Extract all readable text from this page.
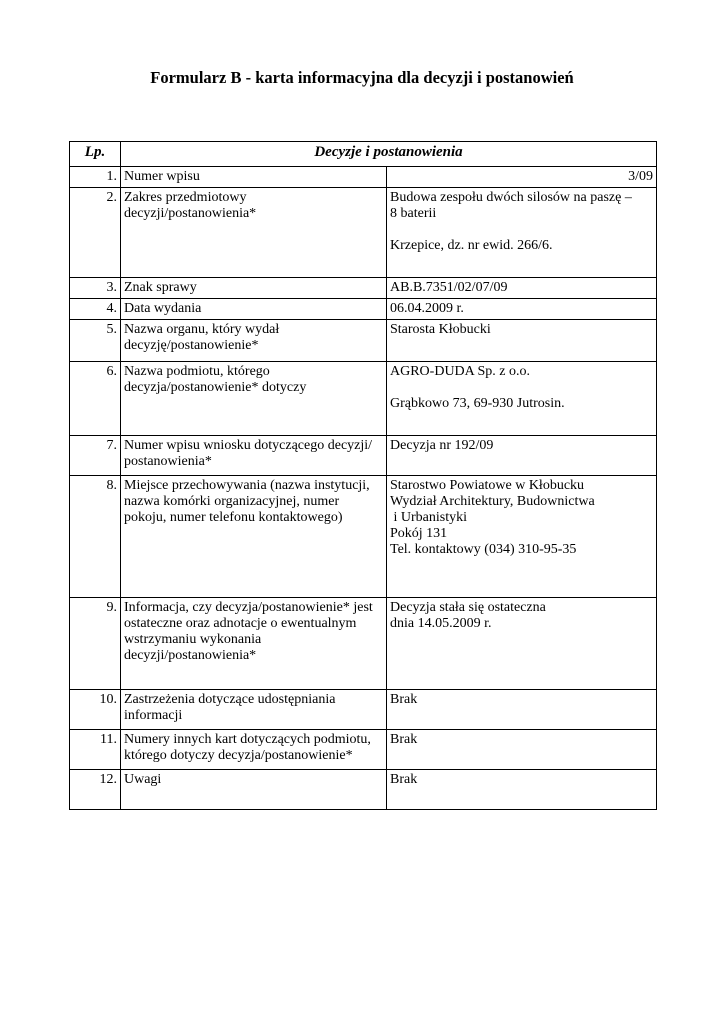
Formularz B - karta informacyjna dla decyzji i postanowień
Lp.	Decyzje i postanowienia	
1.	Numer wpisu	3/09

2.	Zakres przedmiotowy
decyzji/postanowienia*	Budowa zespołu dwóch silosów na paszę –
8 baterii
Krzepice, dz. nr ewid. 266/6.

3.	Znak sprawy	AB.B.7351/02/07/09

4.	Data wydania	06.04.2009 r.

5.	Nazwa organu, który wydał
decyzję/postanowienie*	Starosta Kłobucki

6.	Nazwa podmiotu, którego
decyzja/postanowienie* dotyczy	AGRO-DUDA Sp. z o.o.
Grąbkowo 73, 69-930 Jutrosin.

7.	Numer wpisu wniosku dotyczącego decyzji/
postanowienia*	Decyzja nr 192/09

8.	Miejsce przechowywania (nazwa instytucji,
nazwa komórki organizacyjnej, numer
pokoju, numer telefonu kontaktowego)	Starostwo Powiatowe w Kłobucku
Wydział Architektury, Budownictwa
i Urbanistyki
Pokój 131
Tel. kontaktowy (034) 310-95-35

9.	Informacja, czy decyzja/postanowienie* jest
ostateczne oraz adnotacje o ewentualnym
wstrzymaniu wykonania
decyzji/postanowienia*	Decyzja stała się ostateczna
dnia 14.05.2009 r.

10.	Zastrzeżenia dotyczące udostępniania
informacji	Brak

11.	Numery innych kart dotyczących podmiotu,
którego dotyczy decyzja/postanowienie*	Brak

12.	Uwagi	Brak
